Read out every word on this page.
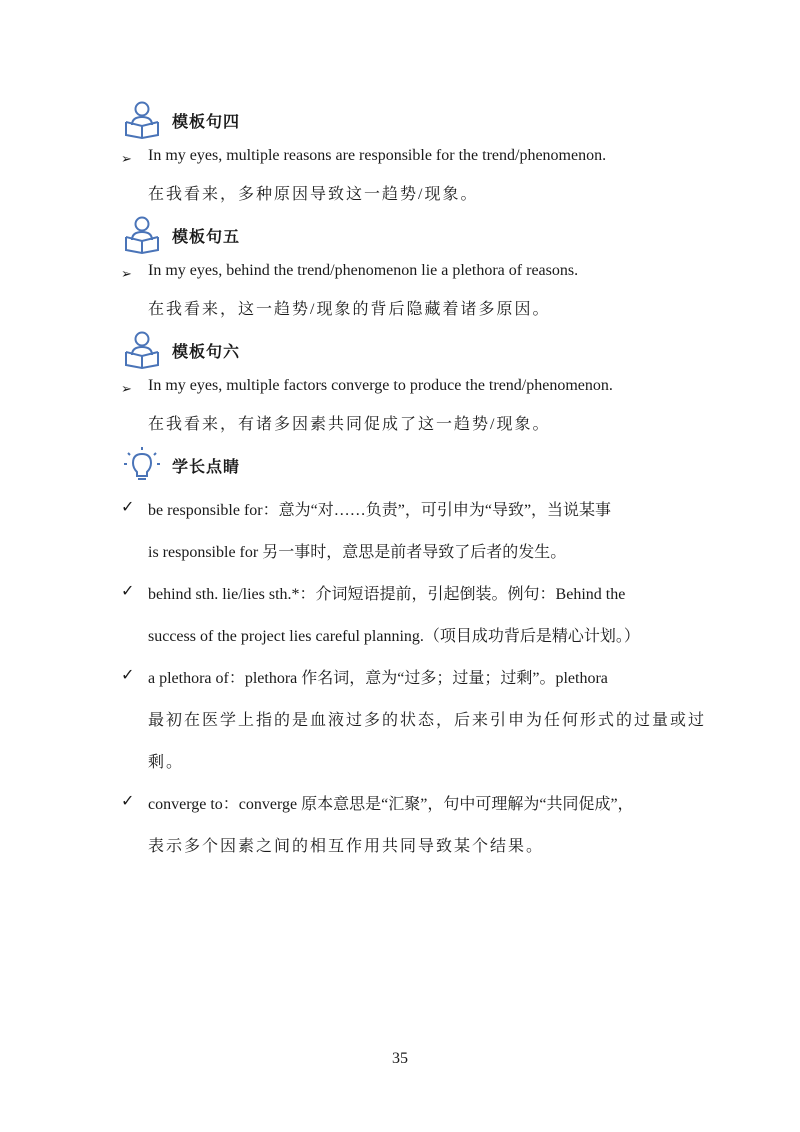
模板句四
➢ In my eyes, multiple reasons are responsible for the trend/phenomenon.
在我看来，多种原因导致这一趋势/现象。
模板句五
➢ In my eyes, behind the trend/phenomenon lie a plethora of reasons.
在我看来，这一趋势/现象的背后隐藏着诸多原因。
模板句六
➢ In my eyes, multiple factors converge to produce the trend/phenomenon.
在我看来，有诸多因素共同促成了这一趋势/现象。
学长点睛
✓ be responsible for：意为“对……负责”，可引申为“导致”，当说某事
is responsible for 另一事时，意思是前者导致了后者的发生。
✓ behind sth. lie/lies sth.*：介词短语提前，引起倒装。例句：Behind the
success of the project lies careful planning.（项目成功背后是精心计划。）
✓ a plethora of：plethora 作名词，意为“过多；过量；过剩”。plethora
最初在医学上指的是血液过多的状态，后来引申为任何形式的过量或过
剩。
✓ converge to：converge 原本意思是“汇聚”，句中可理解为“共同促成”，
表示多个因素之间的相互作用共同导致某个结果。
35
